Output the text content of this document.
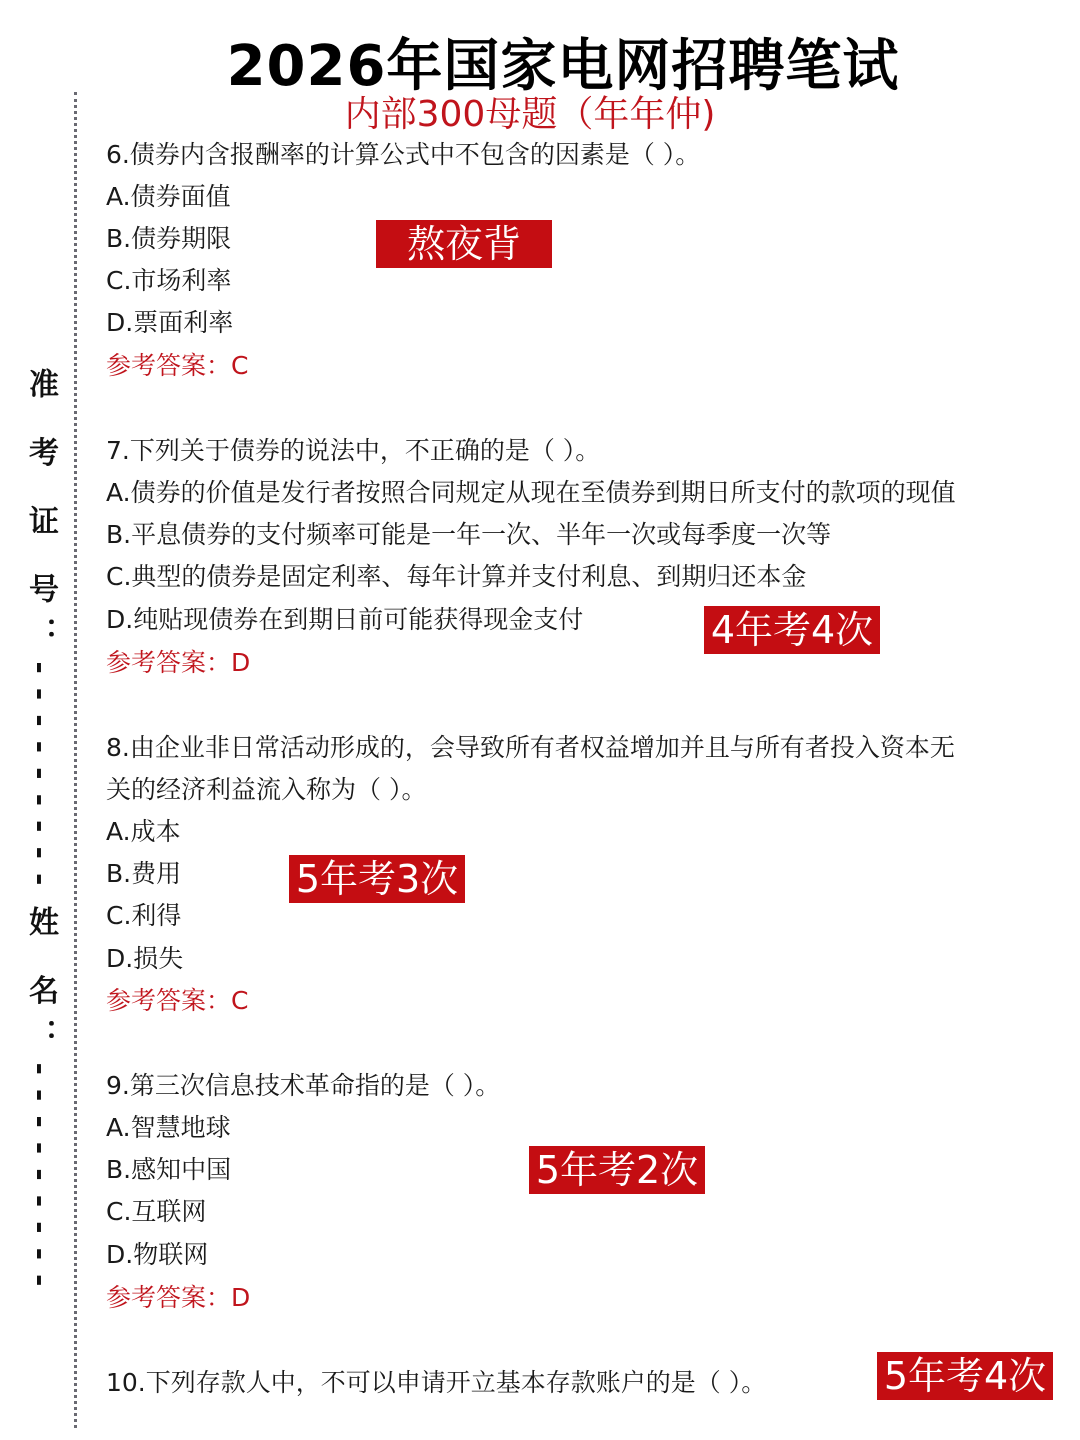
2026年国家电网招聘笔试
内部300母题（年年仲)
准 考 证 号：---------
姓 名：---------
6.债券内含报酬率的计算公式中不包含的因素是（ ）。
A.债券面值
B.债券期限
C.市场利率
D.票面利率
参考答案：C
熬夜背
7.下列关于债券的说法中，不正确的是（ ）。
A.债券的价值是发行者按照合同规定从现在至债券到期日所支付的款项的现值
B.平息债券的支付频率可能是一年一次、半年一次或每季度一次等
C.典型的债券是固定利率、每年计算并支付利息、到期归还本金
D.纯贴现债券在到期日前可能获得现金支付
参考答案：D
4年考4次
8.由企业非日常活动形成的，会导致所有者权益增加并且与所有者投入资本无
关的经济利益流入称为（ ）。
A.成本
B.费用
C.利得
D.损失
参考答案：C
5年考3次
9.第三次信息技术革命指的是（ ）。
A.智慧地球
B.感知中国
C.互联网
D.物联网
参考答案：D
5年考2次
10.下列存款人中，不可以申请开立基本存款账户的是（ ）。	5年考4次
